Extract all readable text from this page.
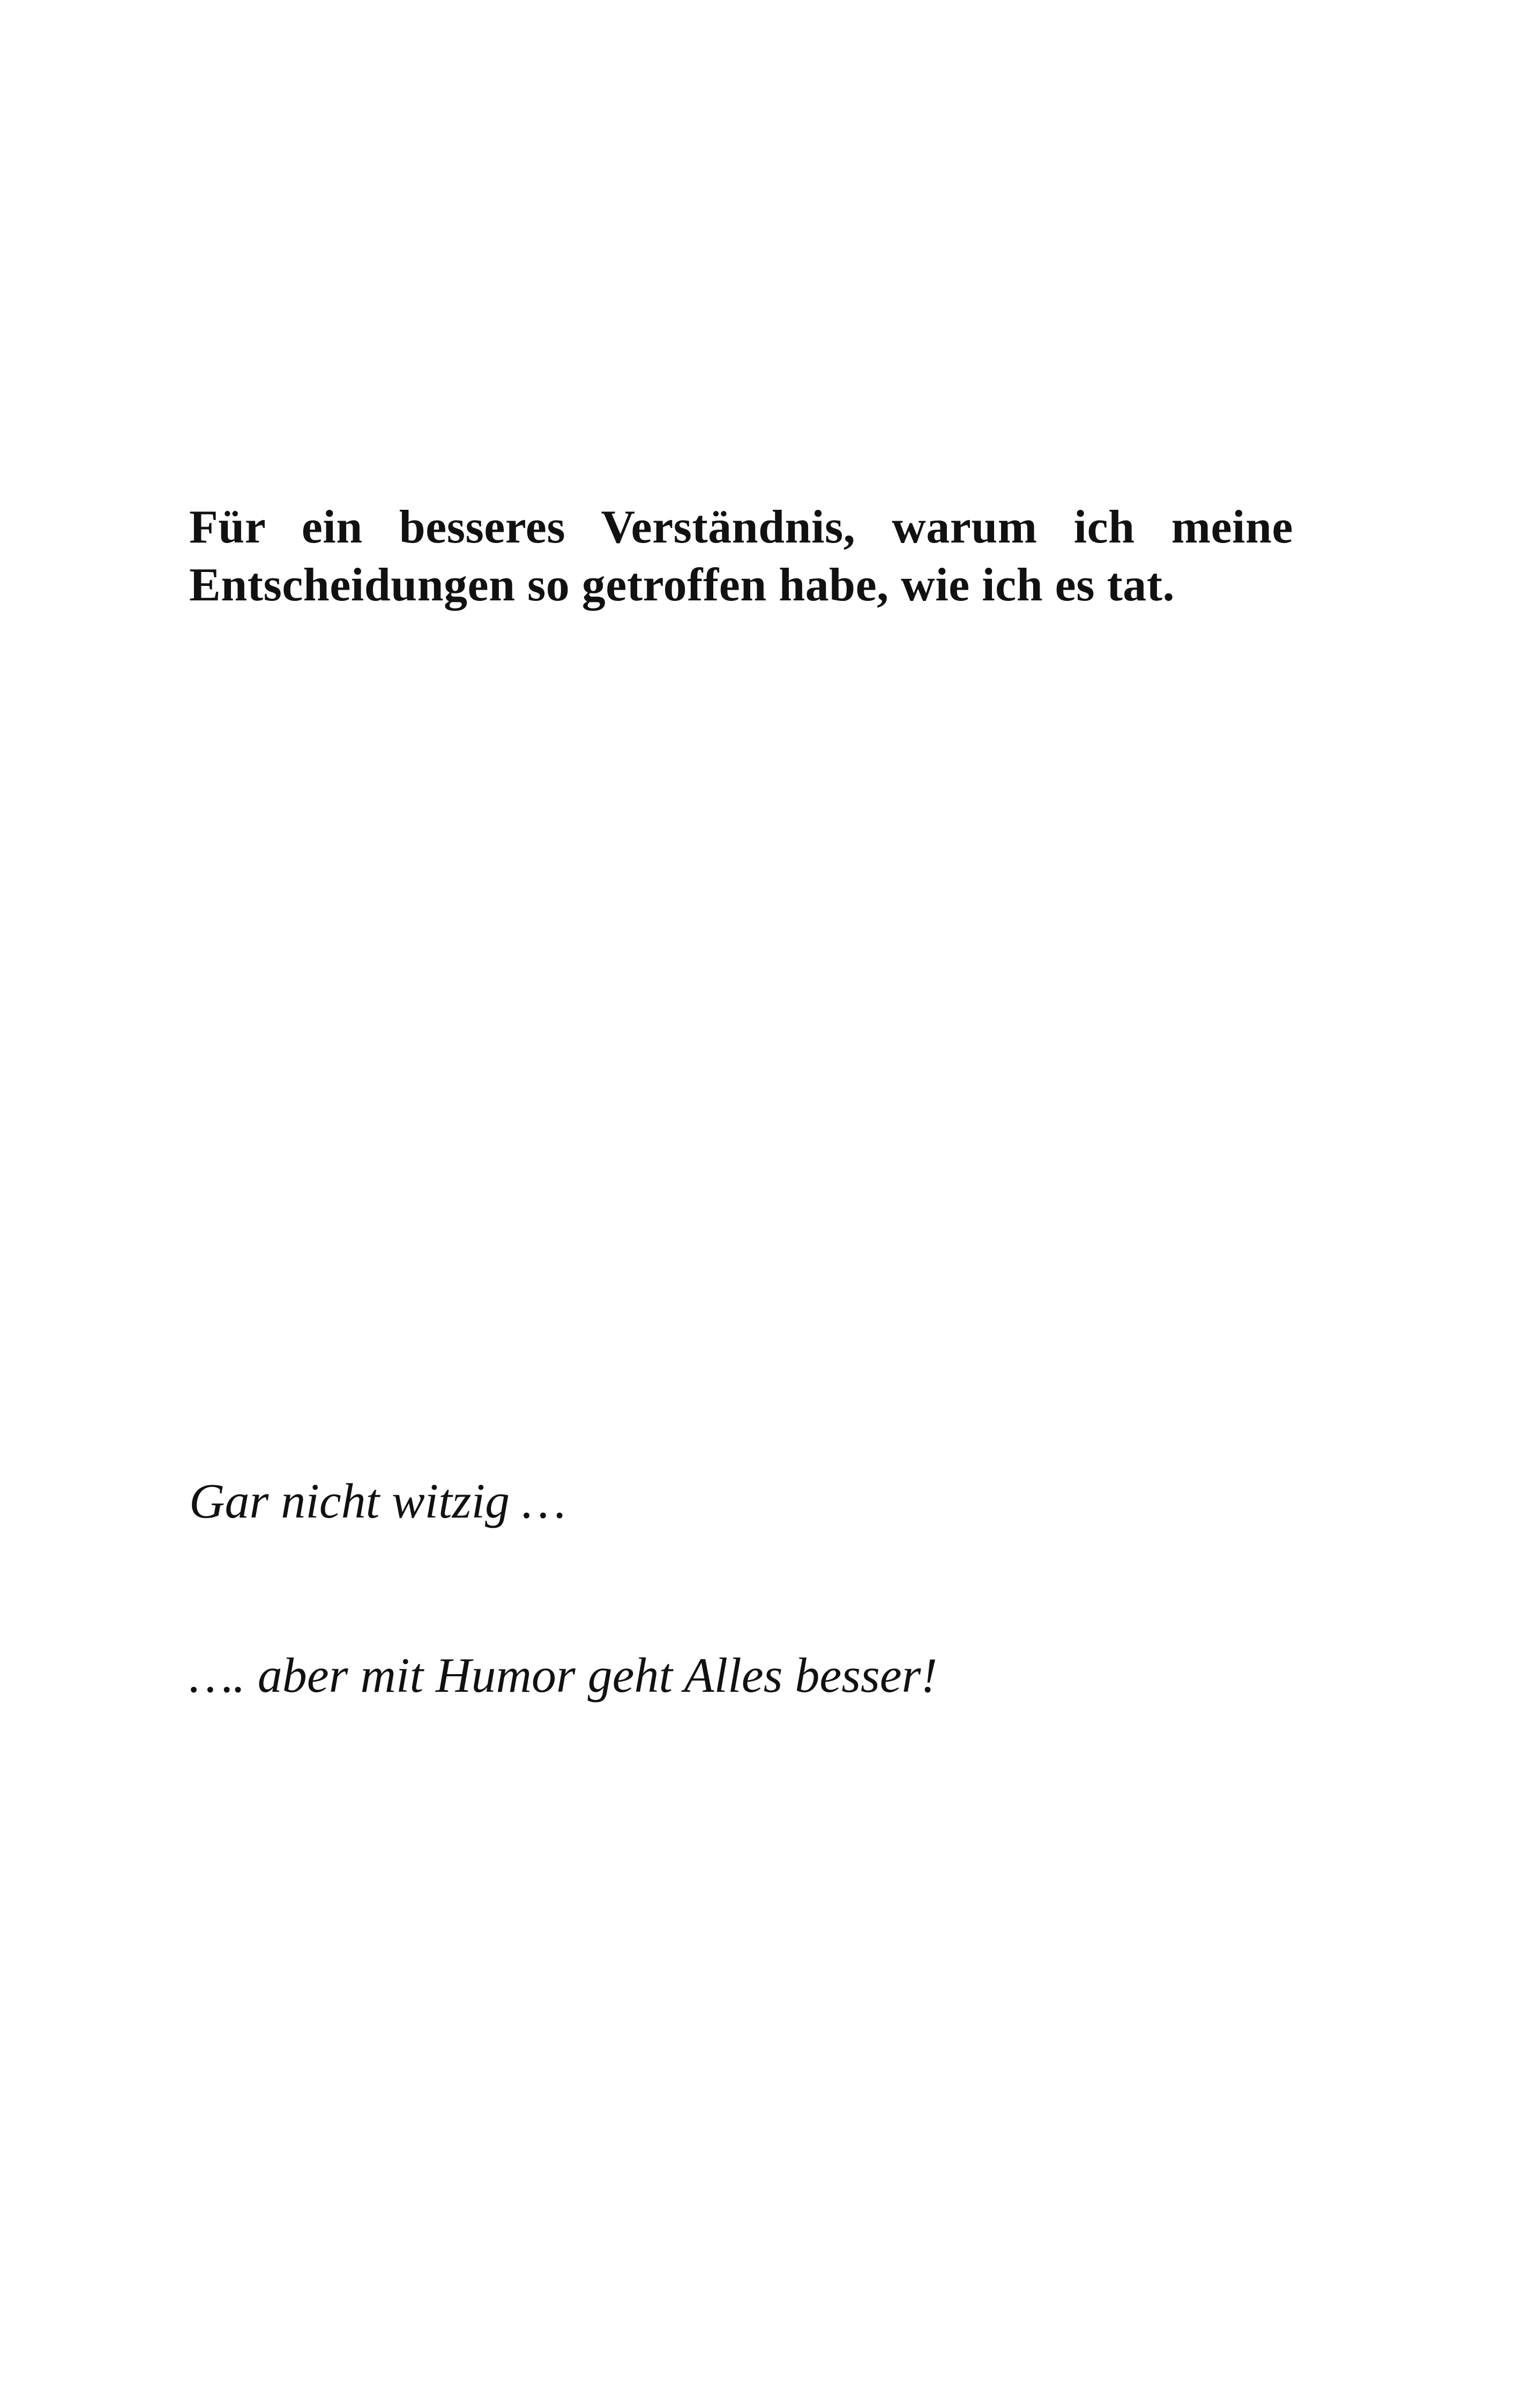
Für ein besseres Verständnis, warum ich meine
Entscheidungen so getroffen habe, wie ich es tat.
Gar nicht witzig …
…. aber mit Humor geht Alles besser!
